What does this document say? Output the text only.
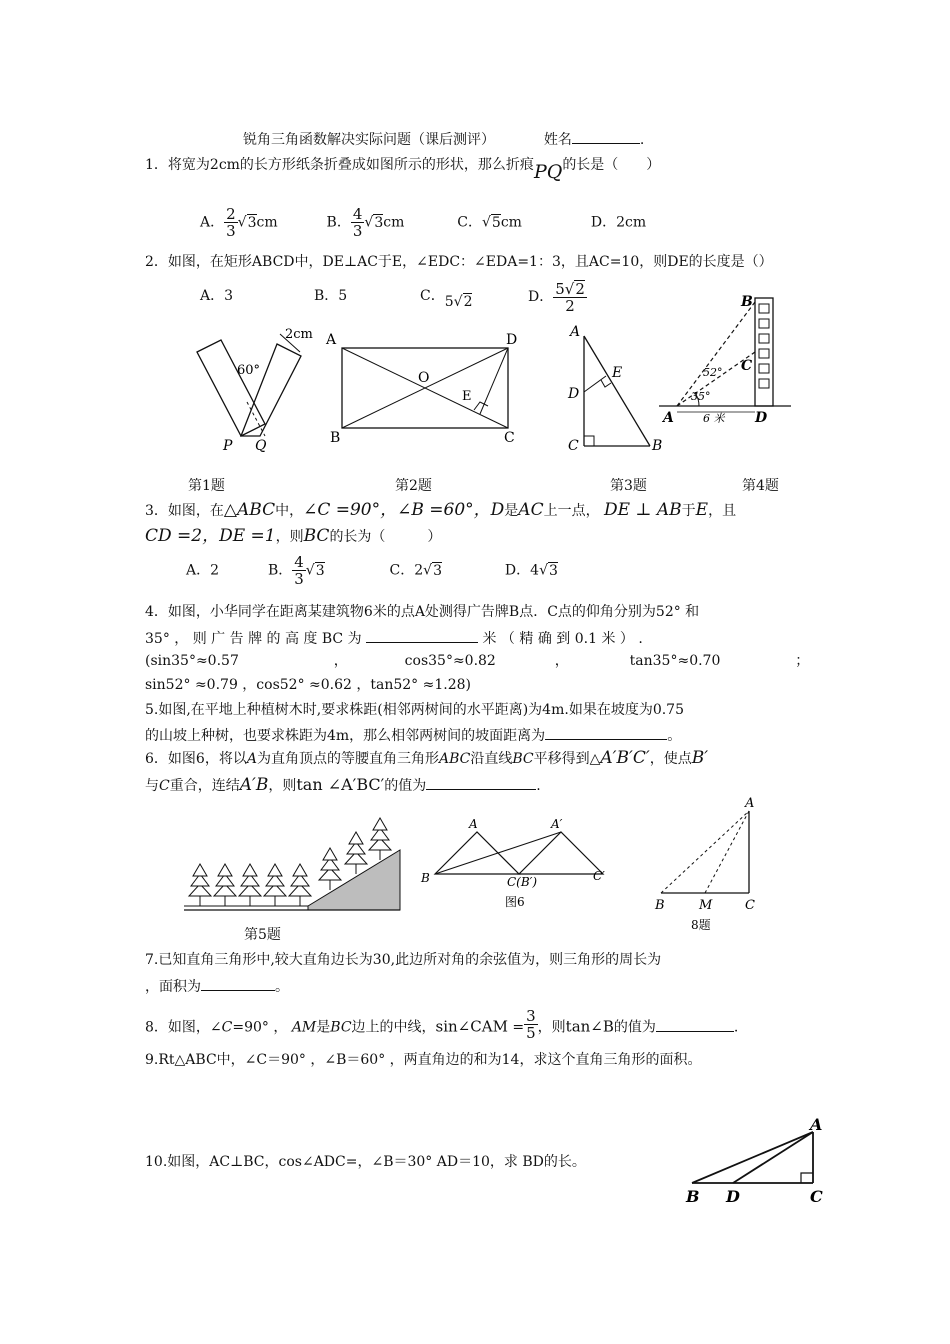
锐角三角函数解决实际问题（课后测评）	姓名	.
1．将宽为2cm的长方形纸条折叠成如图所示的形状，那么折痕PQ的长是（　　）
A． $\frac{2}{3} √3cm$	B． $\frac{4}{3} √3cm$	C．√5cm	D．2cm
2．如图，在矩形ABCD中，DE⊥AC于E，∠EDC：∠EDA=1：3，且AC=10，则DE的长度是（）
A．3	B．5	C．5√2	D． $\frac{5√2}{2}$
2cm
60°
P Q
A	D
B	C
O
E
A
D
E
C	B
B
C
52°
35°
A	6 米 D
第1题	第2题	第3题	第4题
3．如图，在△ABC中，∠C =90°，∠B =60°，D是AC上一点， DE ⊥ AB于E，且
CD =2，DE =1，则BC的长为（　　　）
A．2	B． $\frac{4}{3} √3$	C．2√3	D．4√3
4．如图，小华同学在距离某建筑物6米的点A处测得广告牌B点．C点的仰角分别为52° 和
35° ， 则 广 告 牌 的 高 度 BC 为	米 （ 精 确 到 0.1 米 ） .
(sin35°≈0.57	，	cos35°≈0.82	，	tan35°≈0.70	；
sin52° ≈0.79 ，cos52° ≈0.62 ，tan52° ≈1.28)
5.如图,在平地上种植树木时,要求株距(相邻两树间的水平距离)为4m.如果在坡度为0.75
的山坡上种树，也要求株距为4m，那么相邻两树间的坡面距离为	。
6．如图6，将以A为直角顶点的等腰直角三角形ABC沿直线BC平移得到△A′B′C′，使点B′
与C重合，连结A′B，则tan ∠A′BC′的值为	.
A	A′
B	C(B′)	C′
图6
A
B	M	C
8题
第5题
7.已知直角三角形中,较大直角边长为30,此边所对角的余弦值为，则三角形的周长为
，面积为	。
8．如图，∠C=90° ， AM是BC边上的中线，sin∠CAM = $\frac{3}{5}$ ，则tan∠B的值为	.
9.Rt△ABC中，∠C＝90° ，∠B＝60° ，两直角边的和为14，求这个直角三角形的面积。
10.如图，AC⊥BC，cos∠ADC=，∠B＝30° AD＝10，求 BD的长。
A
B D	C
